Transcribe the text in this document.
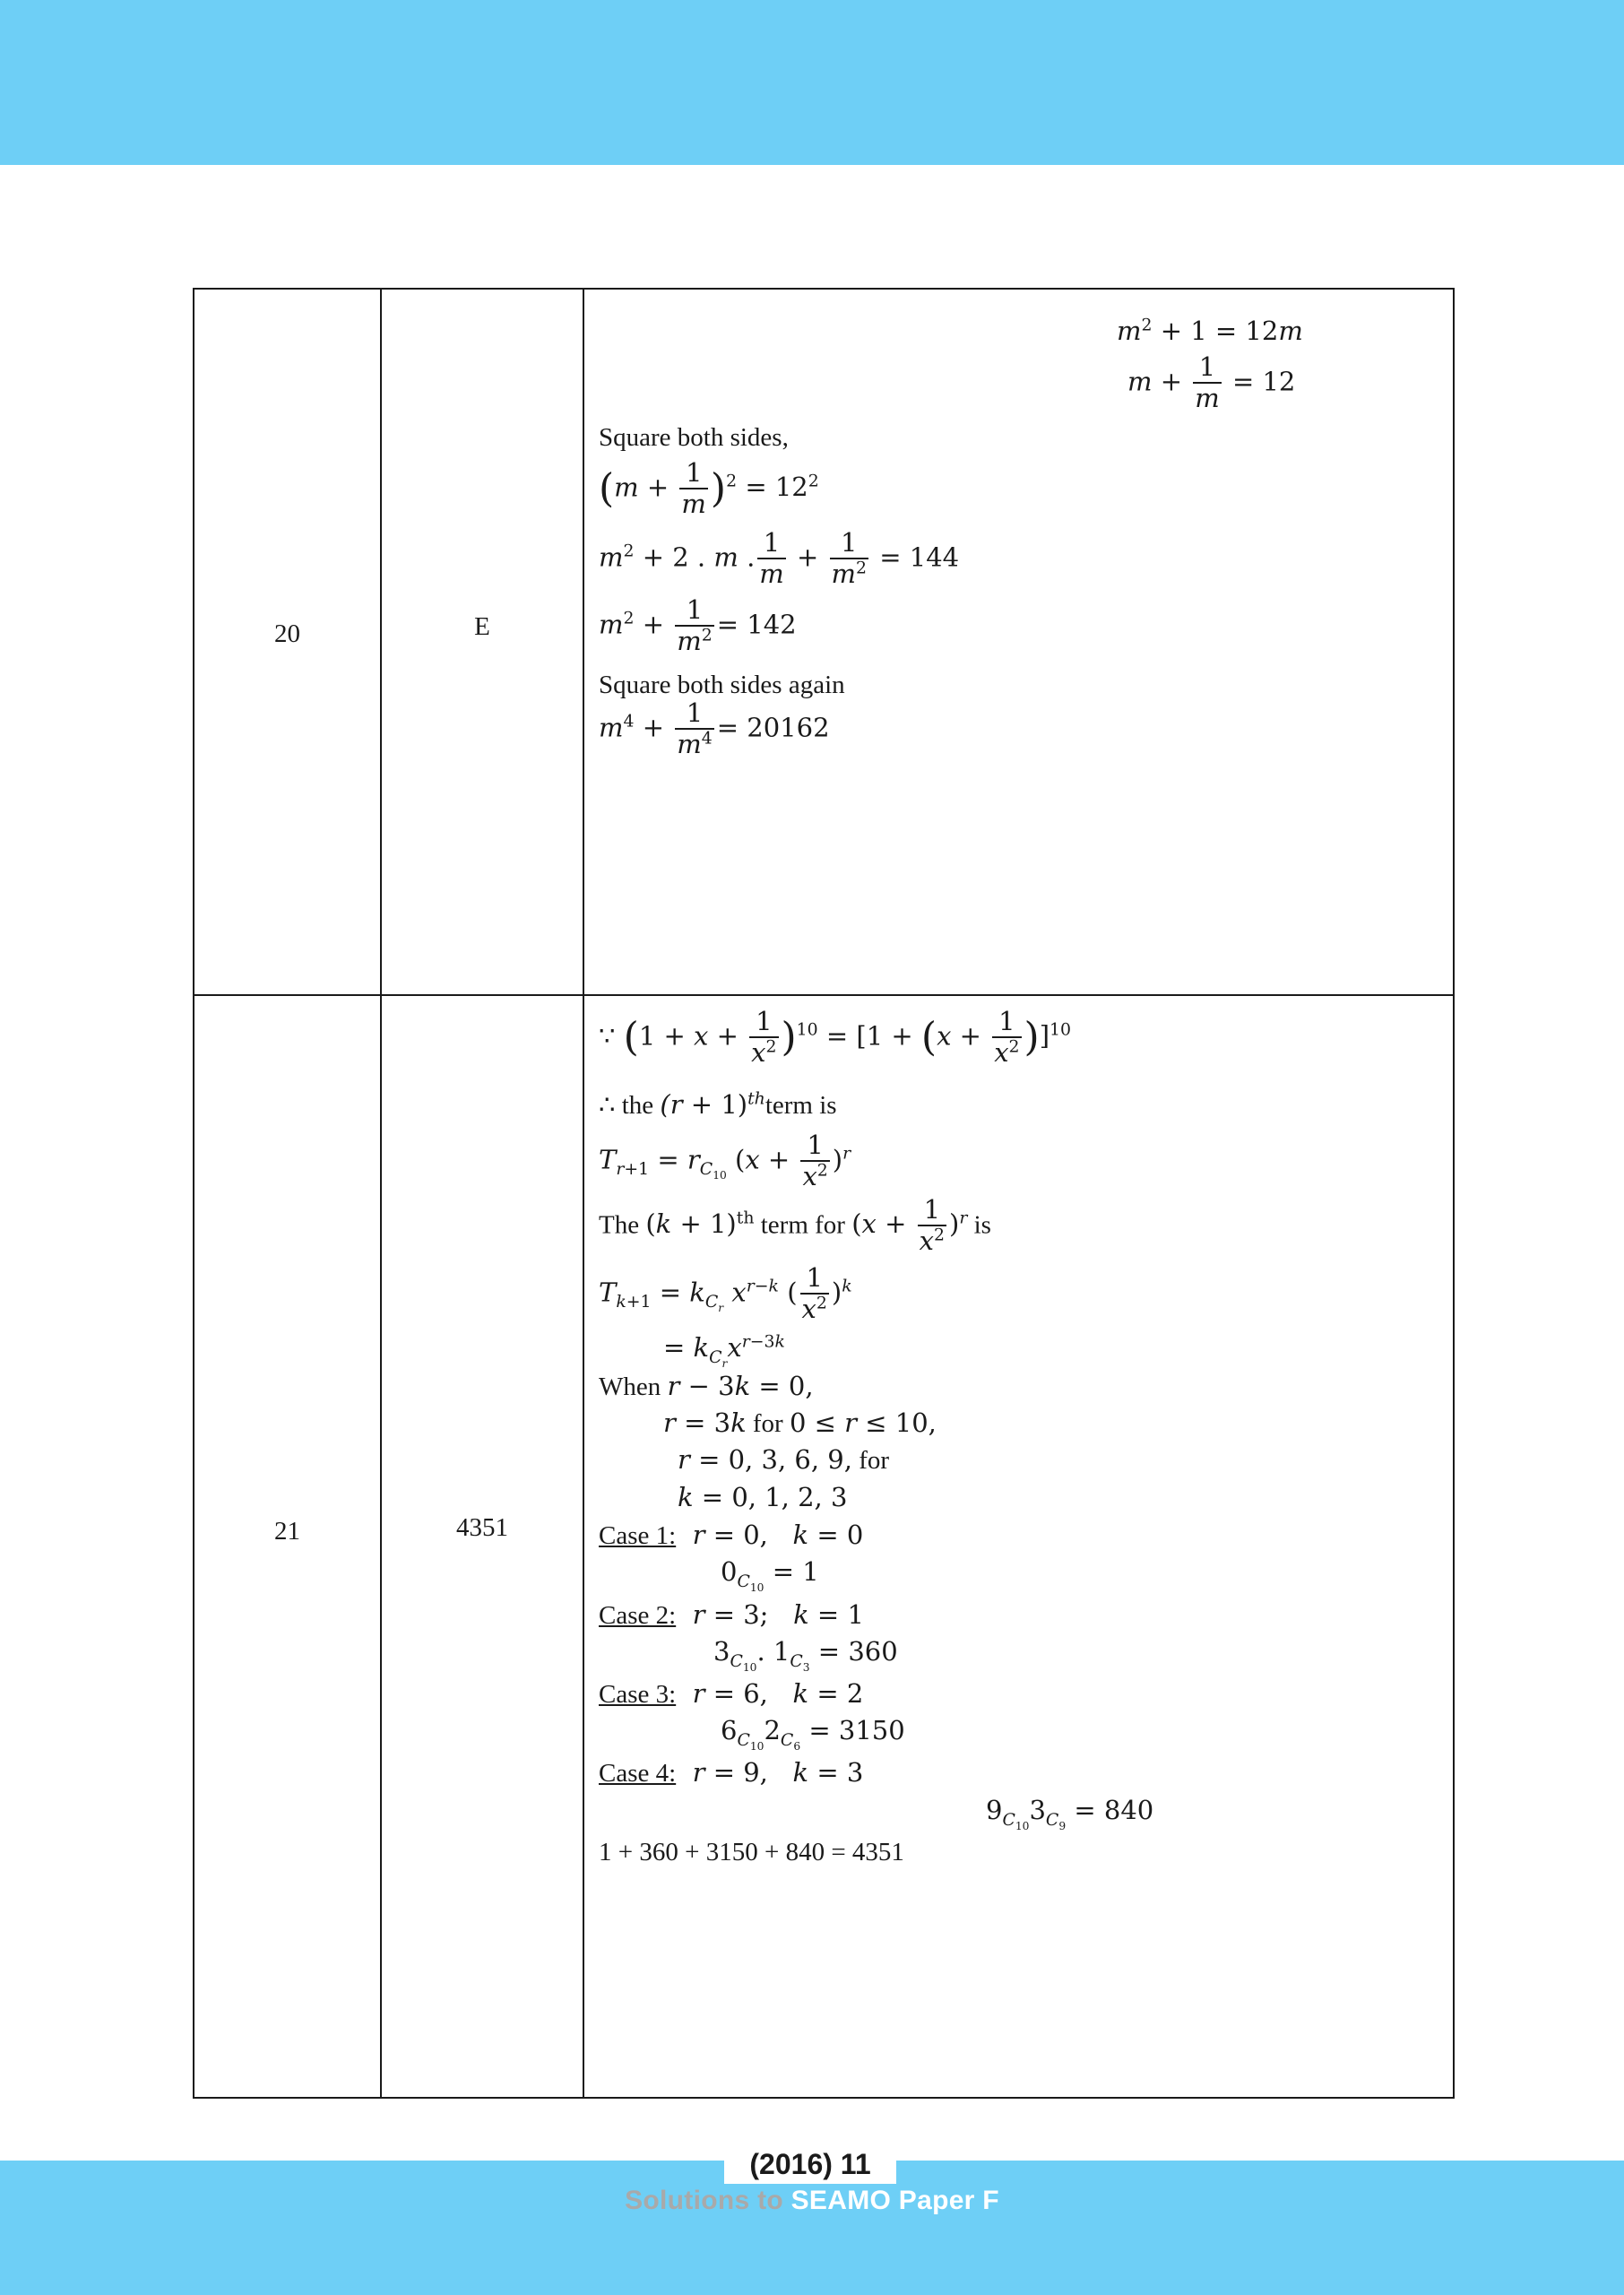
20	E
$m^2 + 1 = 12m$
$m + \frac{1}{m} = 12$
Square both sides,
$(m + \frac{1}{m} )^2 = 12^2$
$m^2 + 2$ . m . $\frac{1}{m} + \frac{1}{m^2} = 144$
$m^2 + \frac{1}{m^2} = 142$
Square both sides again
$m^4 + \frac{1}{m^4} = 20162$
21	4351
∵ $(1 + x + \frac{1}{x^2} )^{10} = [1 + (x + \frac{1}{x^2} )]^{10}$
∴ the $(r + 1)^{th}term$ is
$T_{r+1} = r_{C_{10}}$ $(x + \frac{1}{x^2} )^r$
The $(k + 1)^{th}$ term for $(x + \frac{1}{x^2} )^r$ is
$T_{k+1} = k_{C_r}$ $x^{r-k}$ ( $\frac{1}{x^2} )^k$
= $k_{C_r}x^{r-3k}$
When r − 3k = 0,
r = 3k for 0 ≤ r ≤ 10,
r = 0, 3, 6, 9, for
k = 0, 1, 2, 3
Case 1:  r = 0,   k = 0
$0_{C_{10}} = 1$
Case 2:  r = 3;   k = 1
$3_{C_{10}}$. $1_{C_3} = 360$
Case 3:  r = 6,   k = 2
$6_{C_{10}}2_{C_6} = 3150$
Case 4:  r = 9,   k = 3
$9_{C_{10}}3_{C_9} = 840$
1 + 360 + 3150 + 840 = 4351
(2016) 11
Solutions to SEAMO Paper F
